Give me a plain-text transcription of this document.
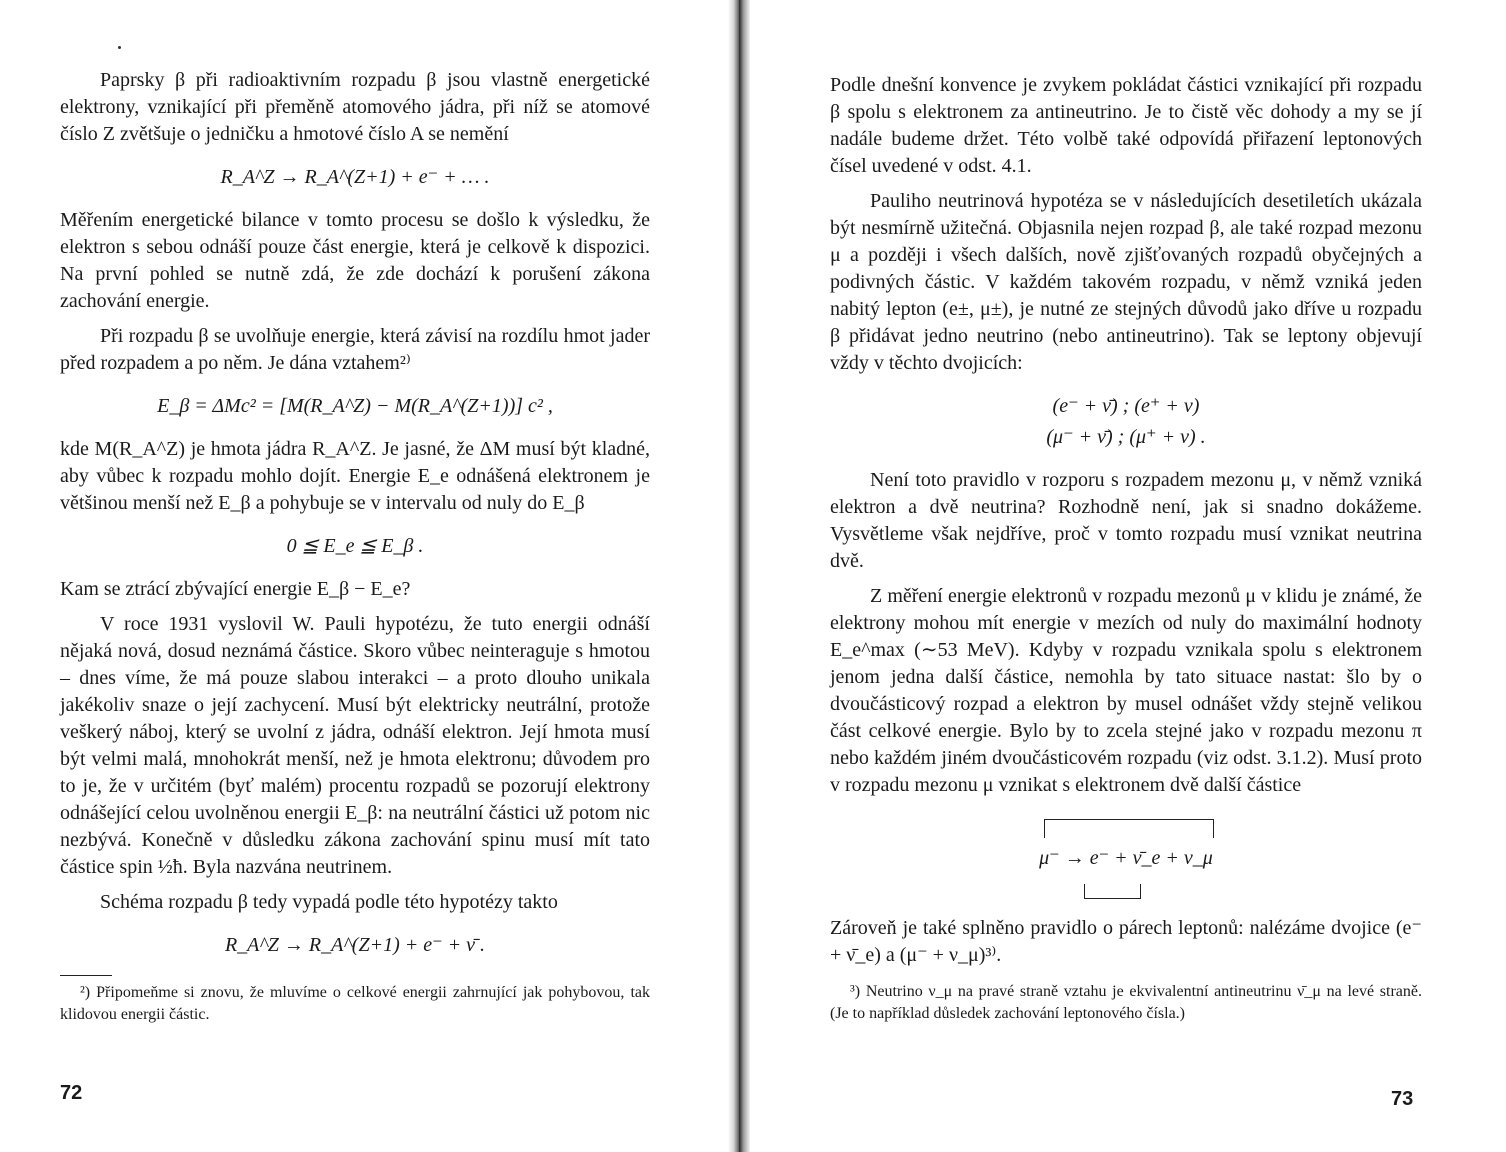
Paprsky β při radioaktivním rozpadu β jsou vlastně energetické elektrony, vznikající při přeměně atomového jádra, při níž se atomové číslo Z zvětšuje o jedničku a hmotové číslo A se nemění

R_A^Z → R_A^(Z+1) + e⁻ + … .

Měřením energetické bilance v tomto procesu se došlo k výsledku, že elektron s sebou odnáší pouze část energie, která je celkově k dispozici. Na první pohled se nutně zdá, že zde dochází k porušení zákona zachování energie.

Při rozpadu β se uvolňuje energie, která závisí na rozdílu hmot jader před rozpadem a po něm. Je dána vztahem²⁾

E_β = ΔMc² = [M(R_A^Z) − M(R_A^(Z+1))] c² ,

kde M(R_A^Z) je hmota jádra R_A^Z. Je jasné, že ΔM musí být kladné, aby vůbec k rozpadu mohlo dojít. Energie E_e odnášená elektronem je většinou menší než E_β a pohybuje se v intervalu od nuly do E_β

0 ≦ E_e ≦ E_β .

Kam se ztrácí zbývající energie E_β − E_e?

V roce 1931 vyslovil W. Pauli hypotézu, že tuto energii odnáší nějaká nová, dosud neznámá částice. Skoro vůbec neinteraguje s hmotou – dnes víme, že má pouze slabou interakci – a proto dlouho unikala jakékoliv snaze o její zachycení. Musí být elektricky neutrální, protože veškerý náboj, který se uvolní z jádra, odnáší elektron. Její hmota musí být velmi malá, mnohokrát menší, než je hmota elektronu; důvodem pro to je, že v určitém (byť malém) procentu rozpadů se pozorují elektrony odnášející celou uvolněnou energii E_β: na neutrální částici už potom nic nezbývá. Konečně v důsledku zákona zachování spinu musí mít tato částice spin ½ħ. Byla nazvána neutrinem.

Schéma rozpadu β tedy vypadá podle této hypotézy takto

R_A^Z → R_A^(Z+1) + e⁻ + ν̄ .
²) Připomeňme si znovu, že mluvíme o celkové energii zahrnující jak pohybovou, tak klidovou energii částic.
72

Podle dnešní konvence je zvykem pokládat částici vznikající při rozpadu β spolu s elektronem za antineutrino. Je to čistě věc dohody a my se jí nadále budeme držet. Této volbě také odpovídá přiřazení leptonových čísel uvedené v odst. 4.1.

Pauliho neutrinová hypotéza se v následujících desetiletích ukázala být nesmírně užitečná. Objasnila nejen rozpad β, ale také rozpad mezonu μ a později i všech dalších, nově zjišťovaných rozpadů obyčejných a podivných částic. V každém takovém rozpadu, v němž vzniká jeden nabitý lepton (e±, μ±), je nutné ze stejných důvodů jako dříve u rozpadu β přidávat jedno neutrino (nebo antineutrino). Tak se leptony objevují vždy v těchto dvojicích:

(e⁻ + ν̄) ; (e⁺ + ν)
(μ⁻ + ν̄) ; (μ⁺ + ν) .

Není toto pravidlo v rozporu s rozpadem mezonu μ, v němž vzniká elektron a dvě neutrina? Rozhodně není, jak si snadno dokážeme. Vysvětleme však nejdříve, proč v tomto rozpadu musí vznikat neutrina dvě.

Z měření energie elektronů v rozpadu mezonů μ v klidu je známé, že elektrony mohou mít energie v mezích od nuly do maximální hodnoty E_e^max (∼53 MeV). Kdyby v rozpadu vznikala spolu s elektronem jenom jedna další částice, nemohla by tato situace nastat: šlo by o dvoučásticový rozpad a elektron by musel odnášet vždy stejně velikou část celkové energie. Bylo by to zcela stejné jako v rozpadu mezonu π nebo každém jiném dvoučásticovém rozpadu (viz odst. 3.1.2). Musí proto v rozpadu mezonu μ vznikat s elektronem dvě další částice

μ⁻ → e⁻ + ν̄_e + ν_μ

Zároveň je také splněno pravidlo o párech leptonů: nalézáme dvojice (e⁻ + ν̄_e) a (μ⁻ + ν_μ)³⁾.

³) Neutrino ν_μ na pravé straně vztahu je ekvivalentní antineutrinu ν̄_μ na levé straně. (Je to například důsledek zachování leptonového čísla.)
73
